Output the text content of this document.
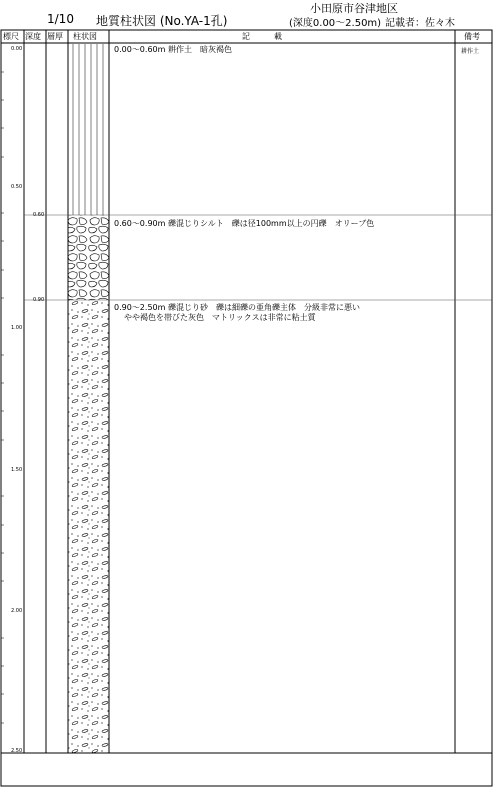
1/10 地質柱状図 (No.YA-1孔)
小田原市谷津地区
(深度0.00～2.50m) 記載者：佐々木
標尺 深度 層厚 柱状図	記　　　載	備考
0.00
0.50
1.00
1.50
2.00
2.50
0.60
0.90
0.00～0.60m 耕作土　暗灰褐色
0.60～0.90m 礫混じりシルト　礫は径100mm以上の円礫　オリーブ色
0.90～2.50m 礫混じり砂　礫は細礫の亜角礫主体　分級非常に悪い
やや褐色を帯びた灰色　マトリックスは非常に粘土質
耕作土
